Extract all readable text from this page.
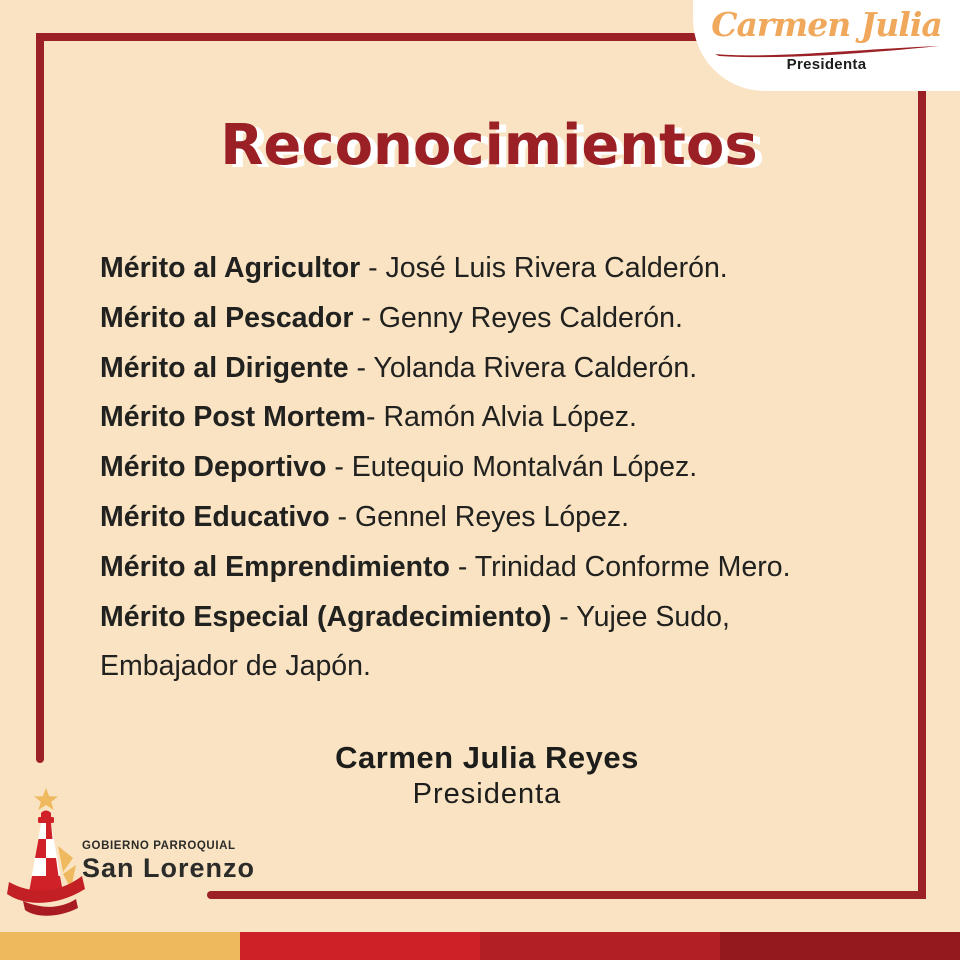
Carmen Julia
Presidenta
Reconocimientos
Mérito al Agricultor - José Luis Rivera Calderón.
Mérito al Pescador - Genny Reyes Calderón.
Mérito al Dirigente - Yolanda Rivera Calderón.
Mérito Post Mortem- Ramón Alvia López.
Mérito Deportivo - Eutequio Montalván López.
Mérito Educativo - Gennel Reyes López.
Mérito al Emprendimiento - Trinidad Conforme Mero.
Mérito Especial (Agradecimiento) - Yujee Sudo, Embajador de Japón.
Carmen Julia Reyes
Presidenta
GOBIERNO PARROQUIAL
San Lorenzo
